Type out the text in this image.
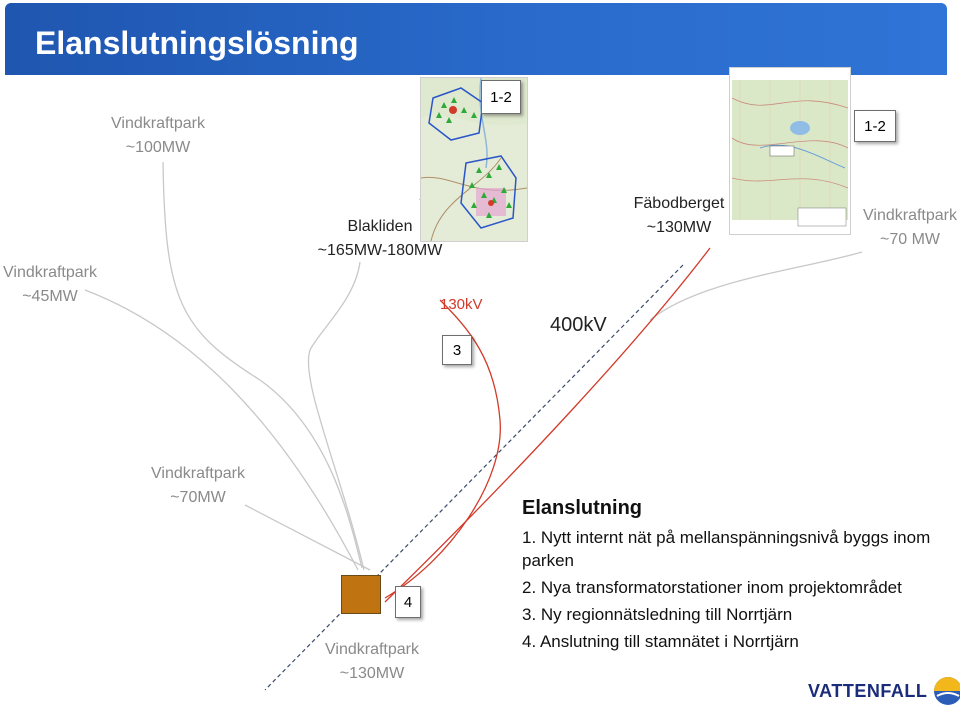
Elanslutningslösning
Vindkraftpark
~100MW
Vindkraftpark
~45MW
Blakliden
~165MW-180MW
Fäbodberget
~130MW
Vindkraftpark
~70 MW
Vindkraftpark
~70MW
Vindkraftpark
~130MW
130kV
400kV
1-2
1-2
3
4
Elanslutning
1. Nytt internt nät på mellanspänningsnivå byggs inom parken
2. Nya transformatorstationer inom projektområdet
3. Ny regionnätsledning till Norrtjärn
4. Anslutning till stamnätet i Norrtjärn
VATTENFALL
